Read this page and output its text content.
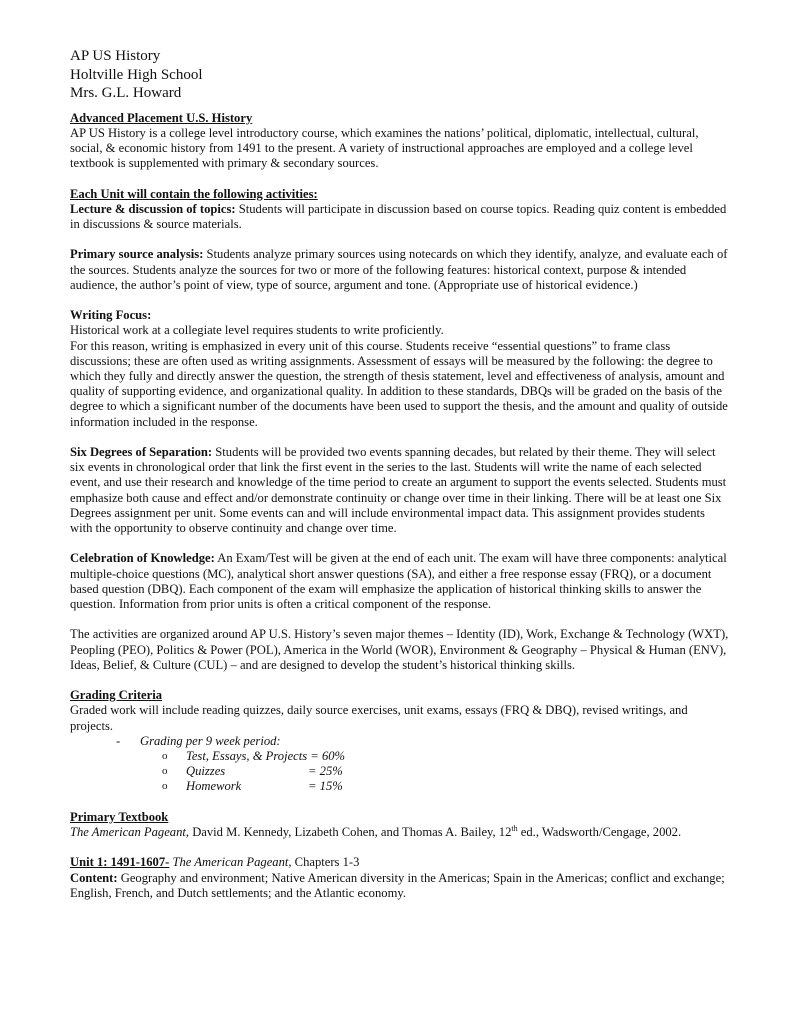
AP US History

Holtville High School

Mrs. G.L. Howard

Advanced Placement U.S. History

AP US History is a college level introductory course, which examines the nations’ political, diplomatic, intellectual, cultural, social, & economic history from 1491 to the present. A variety of instructional approaches are employed and a college level textbook is supplemented with primary & secondary sources.

Each Unit will contain the following activities:

Lecture & discussion of topics: Students will participate in discussion based on course topics. Reading quiz content is embedded in discussions & source materials.

Primary source analysis: Students analyze primary sources using notecards on which they identify, analyze, and evaluate each of the sources. Students analyze the sources for two or more of the following features: historical context, purpose & intended audience, the author’s point of view, type of source, argument and tone. (Appropriate use of historical evidence.)

Writing Focus:

Historical work at a collegiate level requires students to write proficiently.

For this reason, writing is emphasized in every unit of this course. Students receive “essential questions” to frame class discussions; these are often used as writing assignments. Assessment of essays will be measured by the following: the degree to which they fully and directly answer the question, the strength of thesis statement, level and effectiveness of analysis, amount and quality of supporting evidence, and organizational quality. In addition to these standards, DBQs will be graded on the basis of the degree to which a significant number of the documents have been used to support the thesis, and the amount and quality of outside information included in the response.

Six Degrees of Separation: Students will be provided two events spanning decades, but related by their theme. They will select six events in chronological order that link the first event in the series to the last. Students will write the name of each selected event, and use their research and knowledge of the time period to create an argument to support the events selected. Students must emphasize both cause and effect and/or demonstrate continuity or change over time in their linking. There will be at least one Six Degrees assignment per unit. Some events can and will include environmental impact data. This assignment provides students with the opportunity to observe continuity and change over time.

Celebration of Knowledge: An Exam/Test will be given at the end of each unit. The exam will have three components: analytical multiple-choice questions (MC), analytical short answer questions (SA), and either a free response essay (FRQ), or a document based question (DBQ). Each component of the exam will emphasize the application of historical thinking skills to answer the question. Information from prior units is often a critical component of the response.

The activities are organized around AP U.S. History’s seven major themes – Identity (ID), Work, Exchange & Technology (WXT), Peopling (PEO), Politics & Power (POL), America in the World (WOR), Environment & Geography – Physical & Human (ENV), Ideas, Belief, & Culture (CUL) – and are designed to develop the student’s historical thinking skills.

Grading Criteria

Graded work will include reading quizzes, daily source exercises, unit exams, essays (FRQ & DBQ), revised writings, and projects.

- Grading per 9 week period:
o Test, Essays, & Projects = 60%
o Quizzes	= 25%
o Homework	= 15%

Primary Textbook

The American Pageant, David M. Kennedy, Lizabeth Cohen, and Thomas A. Bailey, 12th ed., Wadsworth/Cengage, 2002.

Unit 1: 1491-1607- The American Pageant, Chapters 1-3

Content: Geography and environment; Native American diversity in the Americas; Spain in the Americas; conflict and exchange; English, French, and Dutch settlements; and the Atlantic economy.
